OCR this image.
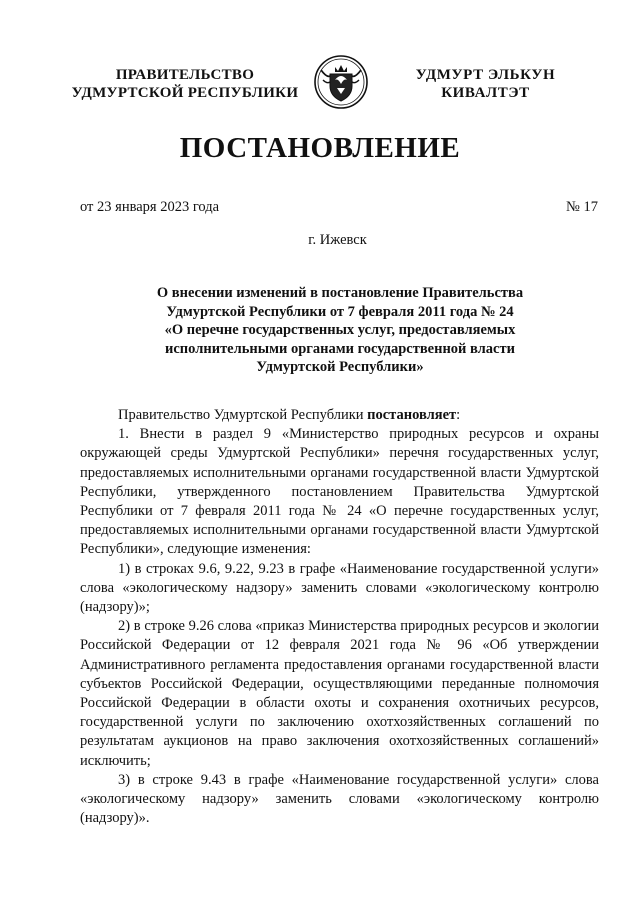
ПРАВИТЕЛЬСТВО
УДМУРТСКОЙ РЕСПУБЛИКИ
УДМУРТ ЭЛЬКУН
КИВАЛТЭТ
ПОСТАНОВЛЕНИЕ
от 23 января 2023 года	№ 17
г. Ижевск
О внесении изменений в постановление Правительства
Удмуртской Республики от 7 февраля 2011 года № 24
«О перечне государственных услуг, предоставляемых
исполнительными органами государственной власти
Удмуртской Республики»

Правительство Удмуртской Республики постановляет:

1. Внести в раздел 9 «Министерство природных ресурсов и охраны окружающей среды Удмуртской Республики» перечня государственных услуг, предоставляемых исполнительными органами государственной власти Удмуртской Республики, утвержденного постановлением Правительства Удмуртской Республики от 7 февраля 2011 года № 24 «О перечне государственных услуг, предоставляемых исполнительными органами государственной власти Удмуртской Республики», следующие изменения:

1) в строках 9.6, 9.22, 9.23 в графе «Наименование государственной услуги» слова «экологическому надзору» заменить словами «экологическому контролю (надзору)»;

2) в строке 9.26 слова «приказ Министерства природных ресурсов и экологии Российской Федерации от 12 февраля 2021 года № 96 «Об утверждении Административного регламента предоставления органами государственной власти субъектов Российской Федерации, осуществляющими переданные полномочия Российской Федерации в области охоты и сохранения охотничьих ресурсов, государственной услуги по заключению охотхозяйственных соглашений по результатам аукционов на право заключения охотхозяйственных соглашений» исключить;

3) в строке 9.43 в графе «Наименование государственной услуги» слова «экологическому надзору» заменить словами «экологическому контролю (надзору)».
